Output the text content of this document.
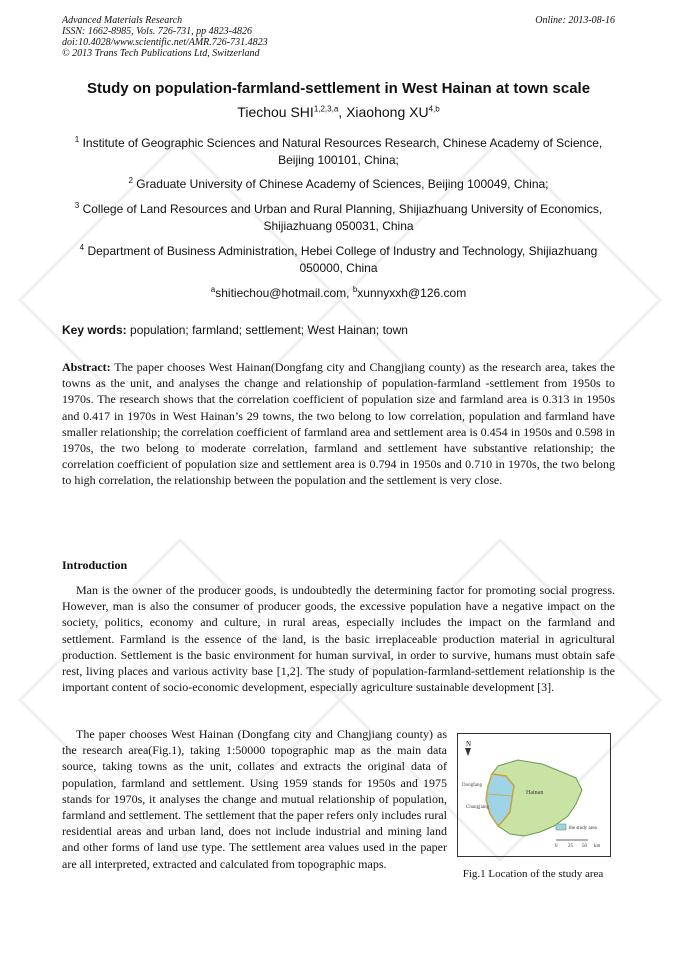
Advanced Materials Research
ISSN: 1662-8985, Vols. 726-731, pp 4823-4826
doi:10.4028/www.scientific.net/AMR.726-731.4823
© 2013 Trans Tech Publications Ltd, Switzerland
Online: 2013-08-16
Study on population-farmland-settlement in West Hainan at town scale
Tiechou SHI$^{1,2,3,a}$, Xiaohong XU$^{4,b}$
$^1$ Institute of Geographic Sciences and Natural Resources Research, Chinese Academy of Science, Beijing 100101, China;
$^2$ Graduate University of Chinese Academy of Sciences, Beijing 100049, China;
$^3$ College of Land Resources and Urban and Rural Planning, Shijiazhuang University of Economics, Shijiazhuang 050031, China
$^4$ Department of Business Administration, Hebei College of Industry and Technology, Shijiazhuang 050000, China
$^a$shitiechou@hotmail.com, $^b$xunnyxxh@126.com
Key words: population; farmland; settlement; West Hainan; town
Abstract: The paper chooses West Hainan(Dongfang city and Changjiang county) as the research area, takes the towns as the unit, and analyses the change and relationship of population-farmland -settlement from 1950s to 1970s. The research shows that the correlation coefficient of population size and farmland area is 0.313 in 1950s and 0.417 in 1970s in West Hainan’s 29 towns, the two belong to low correlation, population and farmland have smaller relationship; the correlation coefficient of farmland area and settlement area is 0.454 in 1950s and 0.598 in 1970s, the two belong to moderate correlation, farmland and settlement have substantive relationship; the correlation coefficient of population size and settlement area is 0.794 in 1950s and 0.710 in 1970s, the two belong to high correlation, the relationship between the population and the settlement is very close.
Introduction
Man is the owner of the producer goods, is undoubtedly the determining factor for promoting social progress. However, man is also the consumer of producer goods, the excessive population have a negative impact on the society, politics, economy and culture, in rural areas, especially includes the impact on the farmland and settlement. Farmland is the essence of the land, is the basic irreplaceable production material in agricultural production. Settlement is the basic environment for human survival, in order to survive, humans must obtain safe rest, living places and various activity base [1,2]. The study of population-farmland-settlement relationship is the important content of socio-economic development, especially agriculture sustainable development [3].
The paper chooses West Hainan (Dongfang city and Changjiang county) as the research area(Fig.1), taking 1:50000 topographic map as the main data source, taking towns as the unit, collates and extracts the original data of population, farmland and settlement. Using 1959 stands for 1950s and 1975 stands for 1970s, it analyses the change and mutual relationship of population, farmland and settlement. The settlement that the paper refers only includes rural residential areas and urban land, does not include industrial and mining land and other forms of land use type. The settlement area values used in the paper are all interpreted, extracted and calculated from topographic maps.
N
Dongfang
Changjiang
Hainan
the study area
0 25 50 km
Fig.1 Location of the study area
